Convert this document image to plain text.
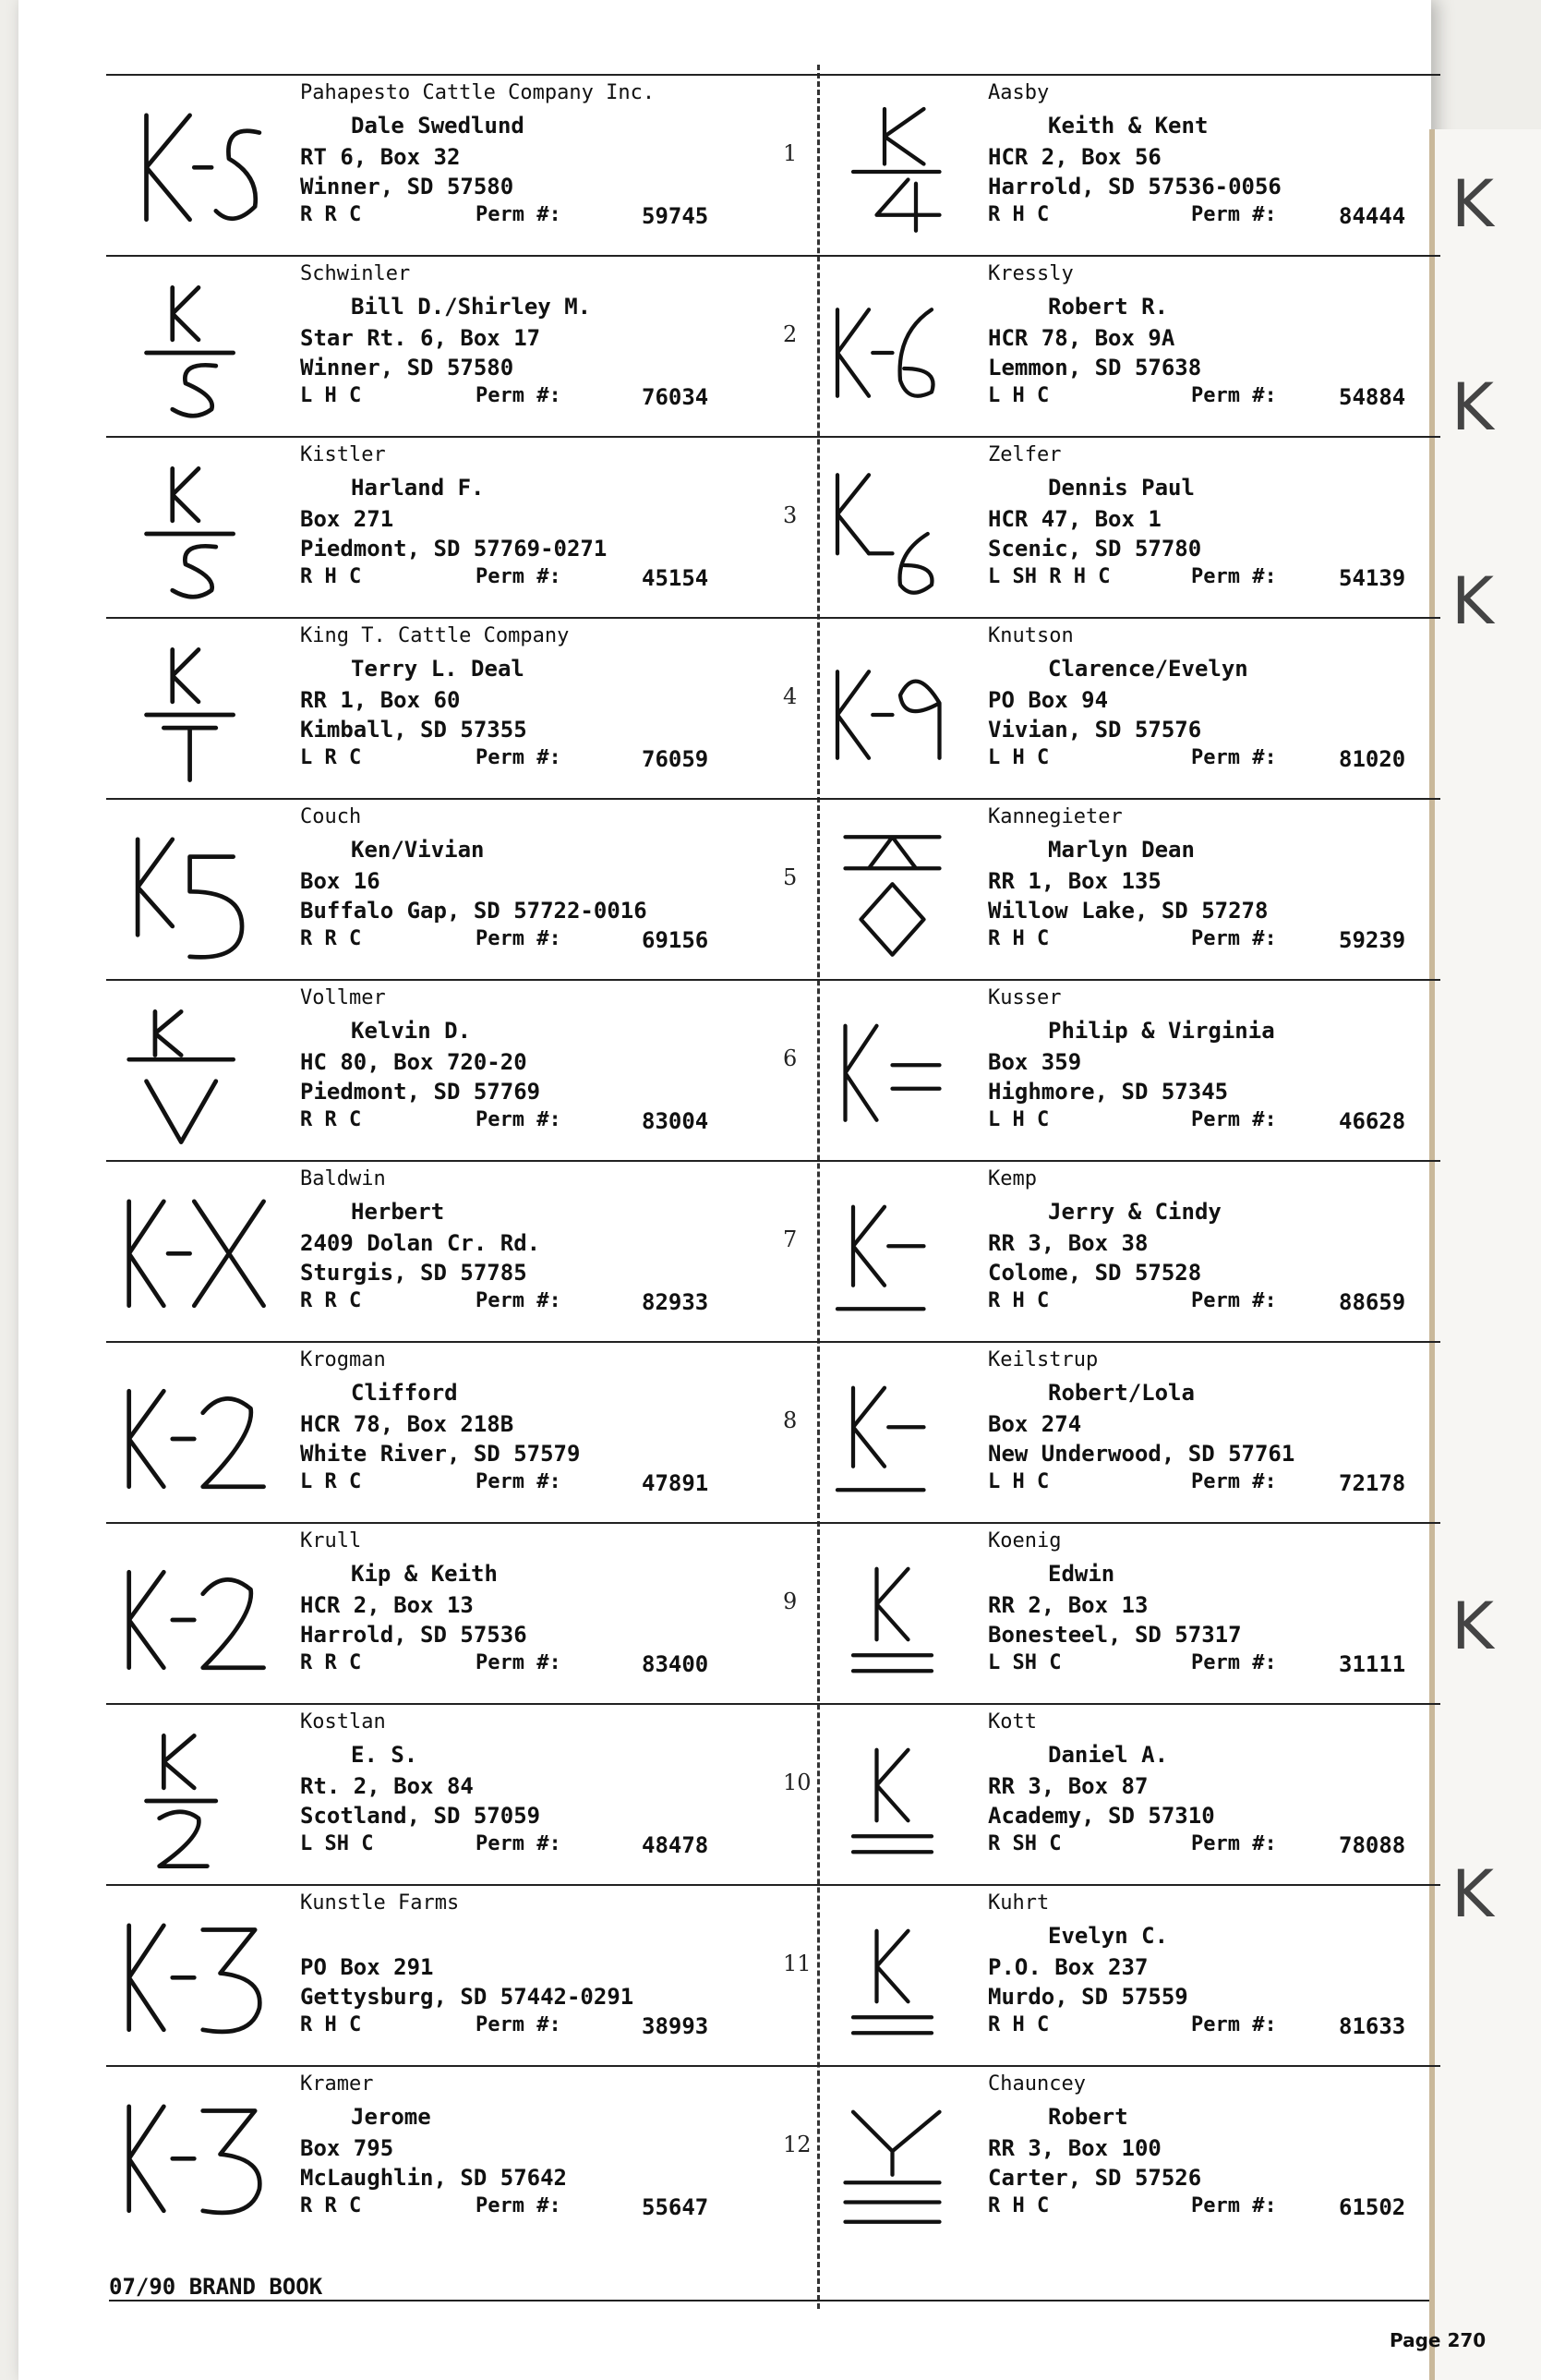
K
K
K
K
K
Pahapesto Cattle Company Inc.
Dale Swedlund
RT 6, Box 32
Winner, SD 57580
R R C	Perm #:	59745
Schwinler
Bill D./Shirley M.
Star Rt. 6, Box 17
Winner, SD 57580
L H C	Perm #:	76034
Kistler
Harland F.
Box 271
Piedmont, SD 57769-0271
R H C	Perm #:	45154
King T. Cattle Company
Terry L. Deal
RR 1, Box 60
Kimball, SD 57355
L R C	Perm #:	76059
Couch
Ken/Vivian
Box 16
Buffalo Gap, SD 57722-0016
R R C	Perm #:	69156
Vollmer
Kelvin D.
HC 80, Box 720-20
Piedmont, SD 57769
R R C	Perm #:	83004
Baldwin
Herbert
2409 Dolan Cr. Rd.
Sturgis, SD 57785
R R C	Perm #:	82933
Krogman
Clifford
HCR 78, Box 218B
White River, SD 57579
L R C	Perm #:	47891
Krull
Kip & Keith
HCR 2, Box 13
Harrold, SD 57536
R R C	Perm #:	83400
Kostlan
E. S.
Rt. 2, Box 84
Scotland, SD 57059
L SH C	Perm #:	48478
Kunstle Farms
PO Box 291
Gettysburg, SD 57442-0291
R H C	Perm #:	38993
Kramer
Jerome
Box 795
McLaughlin, SD 57642
R R C	Perm #:	55647
1
Aasby
Keith & Kent
HCR 2, Box 56
Harrold, SD 57536-0056
R H C	Perm #:	84444
2
Kressly
Robert R.
HCR 78, Box 9A
Lemmon, SD 57638
L H C	Perm #:	54884
3
Zelfer
Dennis Paul
HCR 47, Box 1
Scenic, SD 57780
L SH R H C	Perm #:	54139
4
Knutson
Clarence/Evelyn
PO Box 94
Vivian, SD 57576
L H C	Perm #:	81020
5
Kannegieter
Marlyn Dean
RR 1, Box 135
Willow Lake, SD 57278
R H C	Perm #:	59239
6
Kusser
Philip & Virginia
Box 359
Highmore, SD 57345
L H C	Perm #:	46628
7
Kemp
Jerry & Cindy
RR 3, Box 38
Colome, SD 57528
R H C	Perm #:	88659
8
Keilstrup
Robert/Lola
Box 274
New Underwood, SD 57761
L H C	Perm #:	72178
9
Koenig
Edwin
RR 2, Box 13
Bonesteel, SD 57317
L SH C	Perm #:	31111
10
Kott
Daniel A.
RR 3, Box 87
Academy, SD 57310
R SH C	Perm #:	78088
11
Kuhrt
Evelyn C.
P.O. Box 237
Murdo, SD 57559
R H C	Perm #:	81633
12
Chauncey
Robert
RR 3, Box 100
Carter, SD 57526
R H C	Perm #:	61502
07/90 BRAND BOOK
Page 270
